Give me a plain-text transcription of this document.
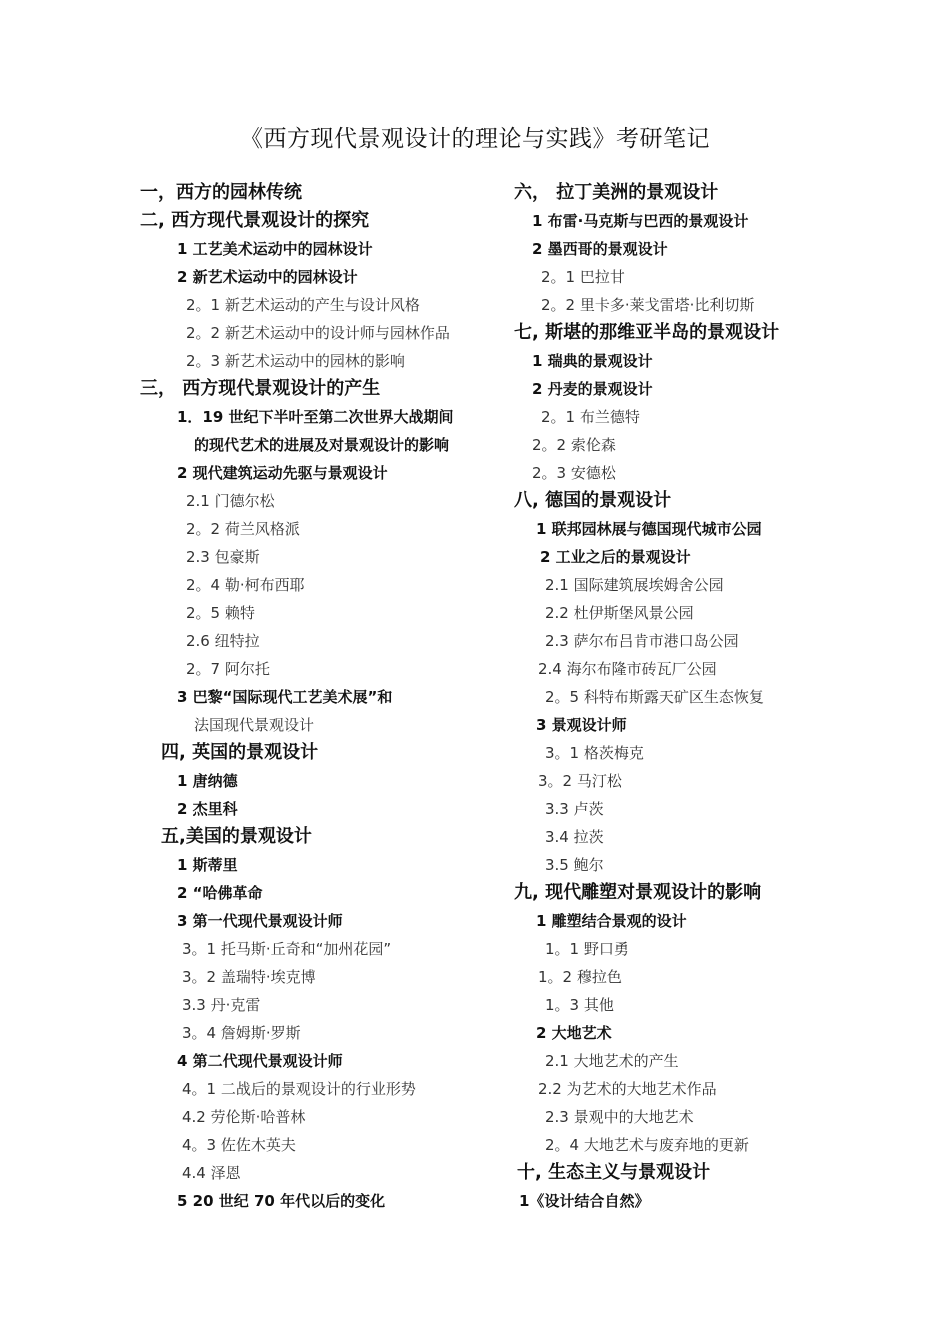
《西方现代景观设计的理论与实践》考研笔记
一，西方的园林传统
二, 西方现代景观设计的探究
1 工艺美术运动中的园林设计
2 新艺术运动中的园林设计
2。1 新艺术运动的产生与设计风格
2。2 新艺术运动中的设计师与园林作品
2。3 新艺术运动中的园林的影响
三， 西方现代景观设计的产生
1．19 世纪下半叶至第二次世界大战期间
的现代艺术的进展及对景观设计的影响
2 现代建筑运动先驱与景观设计
2.1 门德尔松
2。2 荷兰风格派
2.3 包豪斯
2。4 勒·柯布西耶
2。5 赖特
2.6 纽特拉
2。7 阿尔托
3 巴黎“国际现代工艺美术展”和
法国现代景观设计
四, 英国的景观设计
1 唐纳德
2 杰里科
五,美国的景观设计
1 斯蒂里
2 “哈佛革命
3 第一代现代景观设计师
3。1 托马斯·丘奇和“加州花园”
3。2 盖瑞特·埃克博
3.3 丹·克雷
3。4 詹姆斯·罗斯
4 第二代现代景观设计师
4。1 二战后的景观设计的行业形势
4.2 劳伦斯·哈普林
4。3 佐佐木英夫
4.4 泽恩
5 20 世纪 70 年代以后的变化
六， 拉丁美洲的景观设计
1 布雷·马克斯与巴西的景观设计
2 墨西哥的景观设计
2。1 巴拉甘
2。2 里卡多·莱戈雷塔·比利切斯
七, 斯堪的那维亚半岛的景观设计
1 瑞典的景观设计
2 丹麦的景观设计
2。1 布兰德特
2。2 索伦森
2。3 安德松
八, 德国的景观设计
1 联邦园林展与德国现代城市公园
2 工业之后的景观设计
2.1 国际建筑展埃姆舍公园
2.2 杜伊斯堡风景公园
2.3 萨尔布吕肯市港口岛公园
2.4 海尔布隆市砖瓦厂公园
2。5 科特布斯露天矿区生态恢复
3 景观设计师
3。1 格茨梅克
3。2 马汀松
3.3 卢茨
3.4 拉茨
3.5 鲍尔
九, 现代雕塑对景观设计的影响
1 雕塑结合景观的设计
1。1 野口勇
1。2 穆拉色
1。3 其他
2 大地艺术
2.1 大地艺术的产生
2.2 为艺术的大地艺术作品
2.3 景观中的大地艺术
2。4 大地艺术与废弃地的更新
十, 生态主义与景观设计
1《设计结合自然》
